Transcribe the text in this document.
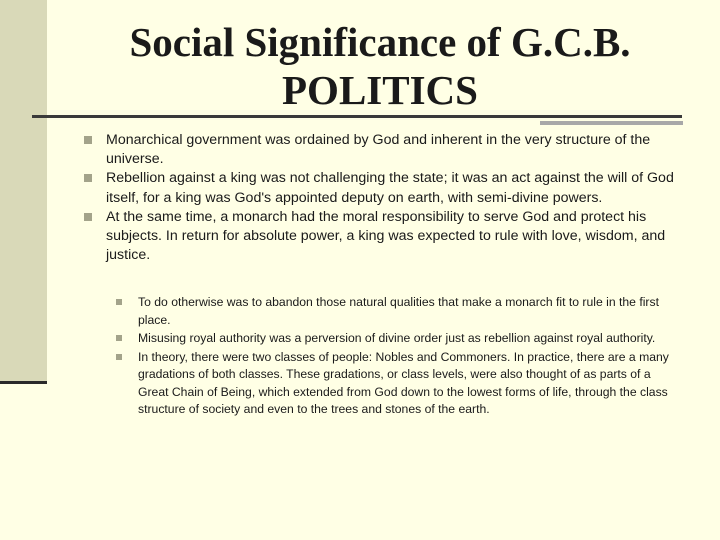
Social Significance of G.C.B. POLITICS
Monarchical government was ordained by God and inherent in the very structure of the universe.
Rebellion against a king was not challenging the state; it was an act against the will of God itself, for a king was God's appointed deputy on earth, with semi-divine powers.
At the same time, a monarch had the moral responsibility to serve God and protect his subjects. In return for absolute power, a king was expected to rule with love, wisdom, and justice.
To do otherwise was to abandon those natural qualities that make a monarch fit to rule in the first place.
Misusing royal authority was a perversion of divine order just as rebellion against royal authority.
In theory, there were two classes of people: Nobles and Commoners. In practice, there are a many gradations of both classes. These gradations, or class levels, were also thought of as parts of a Great Chain of Being, which extended from God down to the lowest forms of life, through the class structure of society and even to the trees and stones of the earth.
